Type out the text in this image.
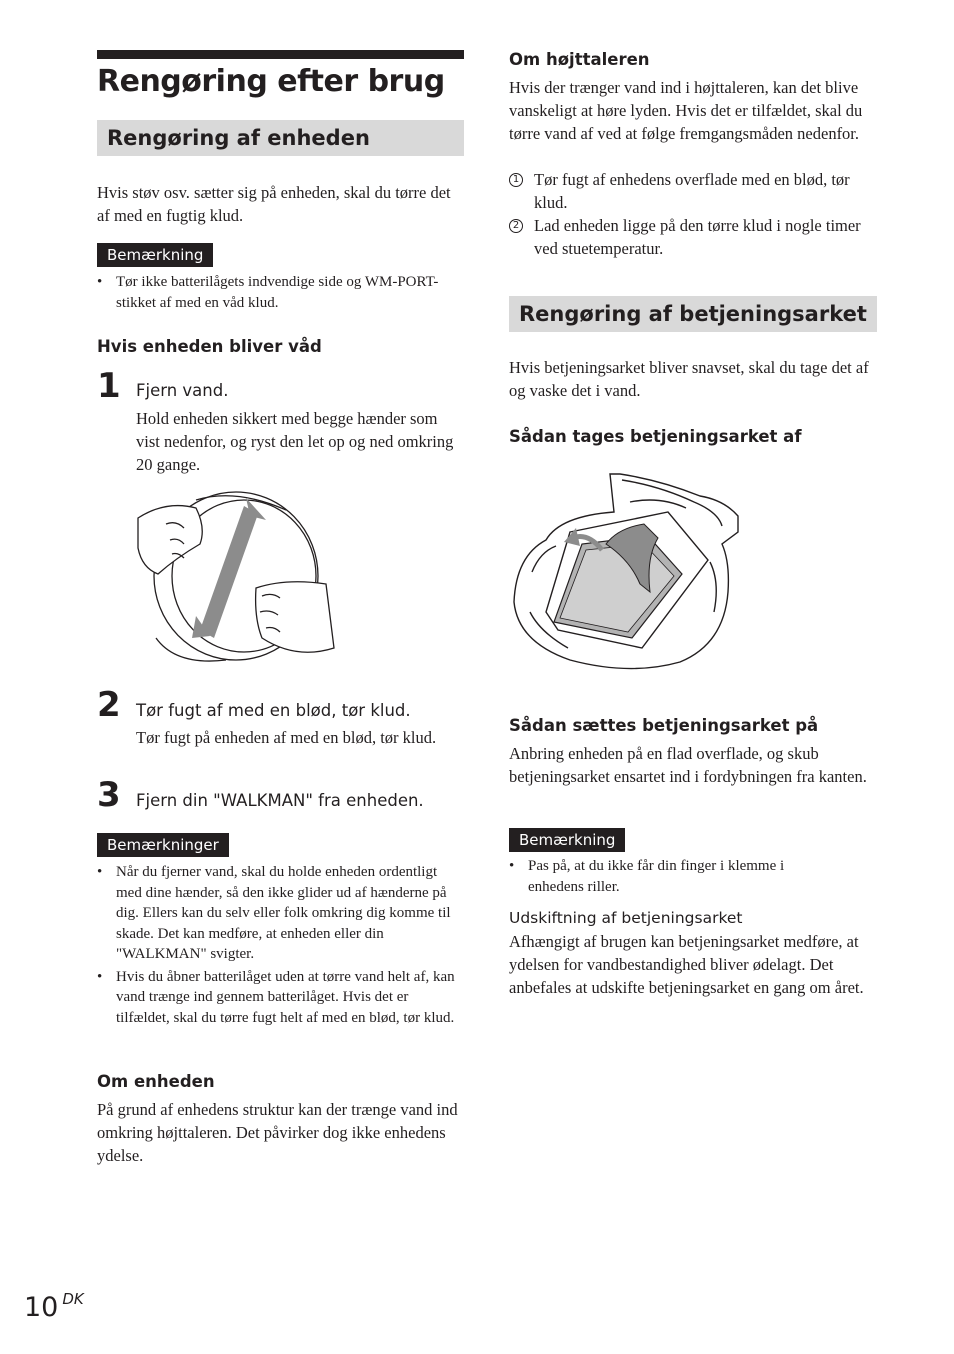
Rengøring efter brug
Rengøring af enheden

Hvis støv osv. sætter sig på enheden, skal du tørre det af med en fugtig klud.

Bemærkning
• Tør ikke batterilågets indvendige side og WM-PORT-stikket af med en våd klud.
Hvis enheden bliver våd
1 Fjern vand.

Hold enheden sikkert med begge hænder som vist nedenfor, og ryst den let op og ned omkring 20 gange.

2 Tør fugt af med en blød, tør klud.

Tør fugt på enheden af med en blød, tør klud.

3 Fjern din "WALKMAN" fra enheden.
Bemærkninger
• Når du fjerner vand, skal du holde enheden ordentligt med dine hænder, så den ikke glider ud af hænderne på dig. Ellers kan du selv eller folk omkring dig komme til skade. Det kan medføre, at enheden eller din "WALKMAN" svigter.
• Hvis du åbner batterilåget uden at tørre vand helt af, kan vand trænge ind gennem batterilåget. Hvis det er tilfældet, skal du tørre fugt helt af med en blød, tør klud.
Om enheden

På grund af enhedens struktur kan der trænge vand ind omkring højttaleren. Det påvirker dog ikke enhedens ydelse.

Om højttaleren

Hvis der trænger vand ind i højttaleren, kan det blive vanskeligt at høre lyden. Hvis det er tilfældet, skal du tørre vand af ved at følge fremgangsmåden nedenfor.

1 Tør fugt af enhedens overflade med en blød, tør klud.
2 Lad enheden ligge på den tørre klud i nogle timer ved stuetemperatur.
Rengøring af betjeningsarket

Hvis betjeningsarket bliver snavset, skal du tage det af og vaske det i vand.

Sådan tages betjeningsarket af
Sådan sættes betjeningsarket på

Anbring enheden på en flad overflade, og skub betjeningsarket ensartet ind i fordybningen fra kanten.

Bemærkning
• Pas på, at du ikke får din finger i klemme i enhedens riller.
Udskiftning af betjeningsarket

Afhængigt af brugen kan betjeningsarket medføre, at ydelsen for vandbestandighed bliver ødelagt. Det anbefales at udskifte betjeningsarket en gang om året.

10 $^{DK}$
